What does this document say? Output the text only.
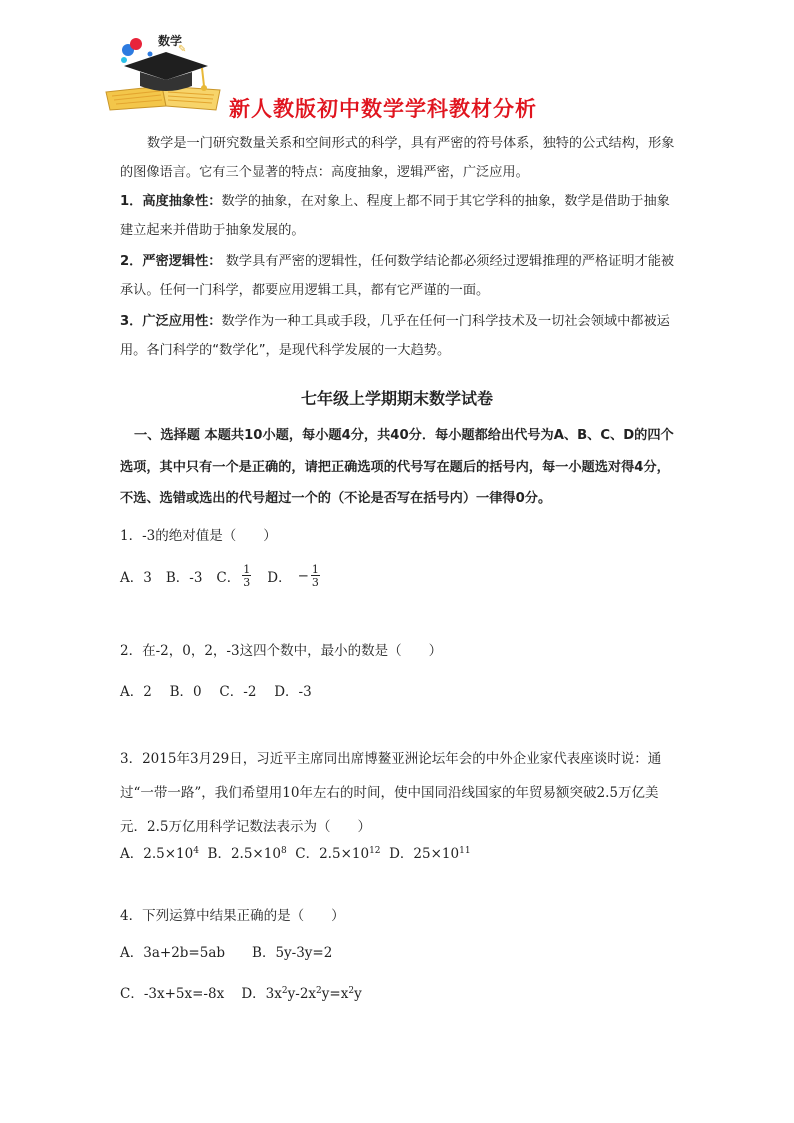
✎
数学
新人教版初中数学学科教材分析
数学是一门研究数量关系和空间形式的科学，具有严密的符号体系，独特的公式结构，形象的图像语言。它有三个显著的特点：高度抽象，逻辑严密，广泛应用。
1．高度抽象性：数学的抽象，在对象上、程度上都不同于其它学科的抽象，数学是借助于抽象建立起来并借助于抽象发展的。
2．严密逻辑性： 数学具有严密的逻辑性，任何数学结论都必须经过逻辑推理的严格证明才能被承认。任何一门科学，都要应用逻辑工具，都有它严谨的一面。
3．广泛应用性：数学作为一种工具或手段，几乎在任何一门科学技术及一切社会领域中都被运用。各门科学的“数学化”，是现代科学发展的一大趋势。
七年级上学期期末数学试卷
一、选择题 本题共10小题，每小题4分，共40分．每小题都给出代号为A、B、C、D的四个选项，其中只有一个是正确的，请把正确选项的代号写在题后的括号内，每一小题选对得4分，不选、选错或选出的代号超过一个的（不论是否写在括号内）一律得0分。
1．-3的绝对值是（　　）
A．3 B．-3 C． $\frac{1}{3}$ D． − $\frac{1}{3}$
2．在-2，0，2，-3这四个数中，最小的数是（　　）
A．2　 B．0　 C．-2　 D．-3
3．2015年3月29日，习近平主席同出席博鳌亚洲论坛年会的中外企业家代表座谈时说：通过“一带一路”，我们希望用10年左右的时间，使中国同沿线国家的年贸易额突破2.5万亿美元．2.5万亿用科学记数法表示为（　　）
A．$2.5\times 10^4$ B．$2.5\times 10^8$ C．$2.5\times 10^{12}$ D．$25\times 10^{11}$
4．下列运算中结果正确的是（　　）
A．3a+2b=5ab　　B．5y-3y=2
C．-3x+5x=-8x D．$3x^2y-2x^2y=x^2y$
